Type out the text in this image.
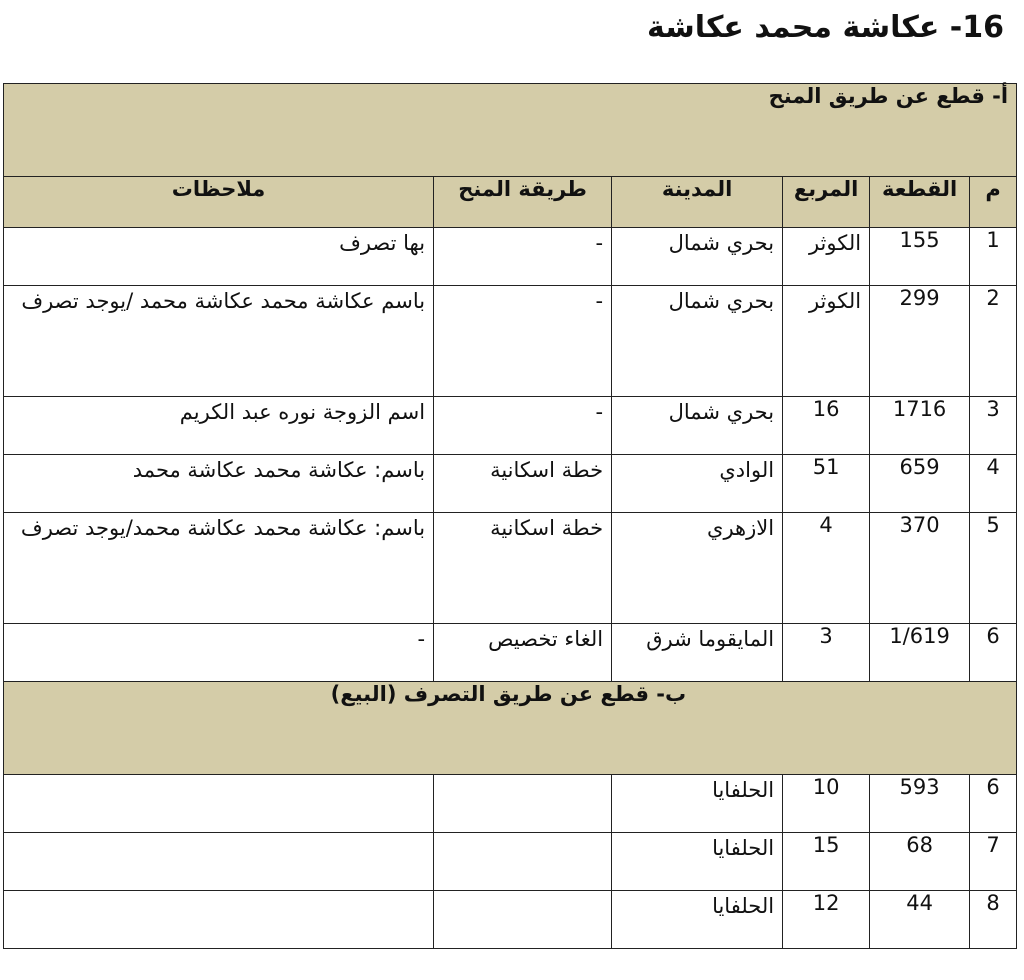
16- عكاشة محمد عكاشة
أ- قطع عن طريق المنح					
م	القطعة	المربع	المدينة	طريقة المنح	ملاحظات
1	155	الكوثر	بحري شمال	-	بها تصرف
2	299	الكوثر	بحري شمال	-	باسم عكاشة محمد عكاشة محمد /يوجد تصرف
3	1716	16	بحري شمال	-	اسم الزوجة نوره عبد الكريم
4	659	51	الوادي	خطة اسكانية	باسم: عكاشة محمد عكاشة محمد
5	370	4	الازهري	خطة اسكانية	باسم: عكاشة محمد عكاشة محمد/يوجد تصرف
6	1/619	3	المايقوما شرق	الغاء تخصيص	-
ب- قطع عن طريق التصرف (البيع)					
6	593	10	الحلفايا		
7	68	15	الحلفايا		
8	44	12	الحلفايا		
